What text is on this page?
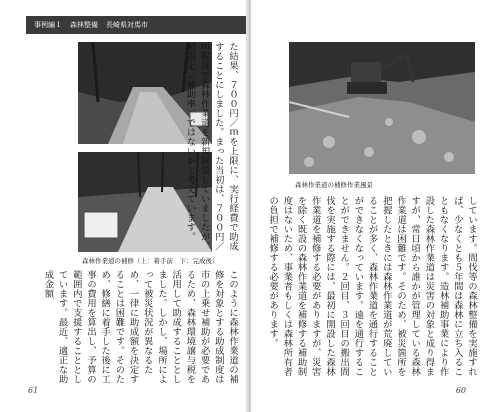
事例編１ 森林整備 長崎県対馬市
森林作業道の補修（上：着手前　下：完成後）
た結果、７００円／ｍを上限に、実行経費で助成することにしました。まった当初は、７００円／ｍ程度で森林作業道を新規開設していましたが、額設定（補助率）ではないかと考えています。
このように森林作業道の補修を対象とする助成制度は市の上乗せ補助が必要であるため、森林環境譲与税を活用して助成することとしました。しかし、場所によって被災状況が異なるため、一律に助成額を決定することは困難です。そのため、修繕に着手した後に工事の費用を算出し、予算の範囲内で支援することとしています。最近、適正な助成金額
61
森林作業道の補修作業風景
しています。間伐等の森林整備を実施すれば、少なくとも５年間は森林に立ち入ることもなくなります。造林補助事業により作設した森林作業道は災害の対象と成り得ますが、常日頃から誰かが管理している森林作業道は困難です。そのため、被災箇所を把握したときには森林作業道が荒廃していることが多く、森林作業道を通行することができなくなっています。遠を通行することができません。２回目、３回目の搬出間伐を実施する際には、最初に開設した森林作業道を補修する必要がありますが、災害を除く既設の森林作業道を補修する補助制度はないため、事業者もしくは森林所有者の負担で補修する必要があります。
60
